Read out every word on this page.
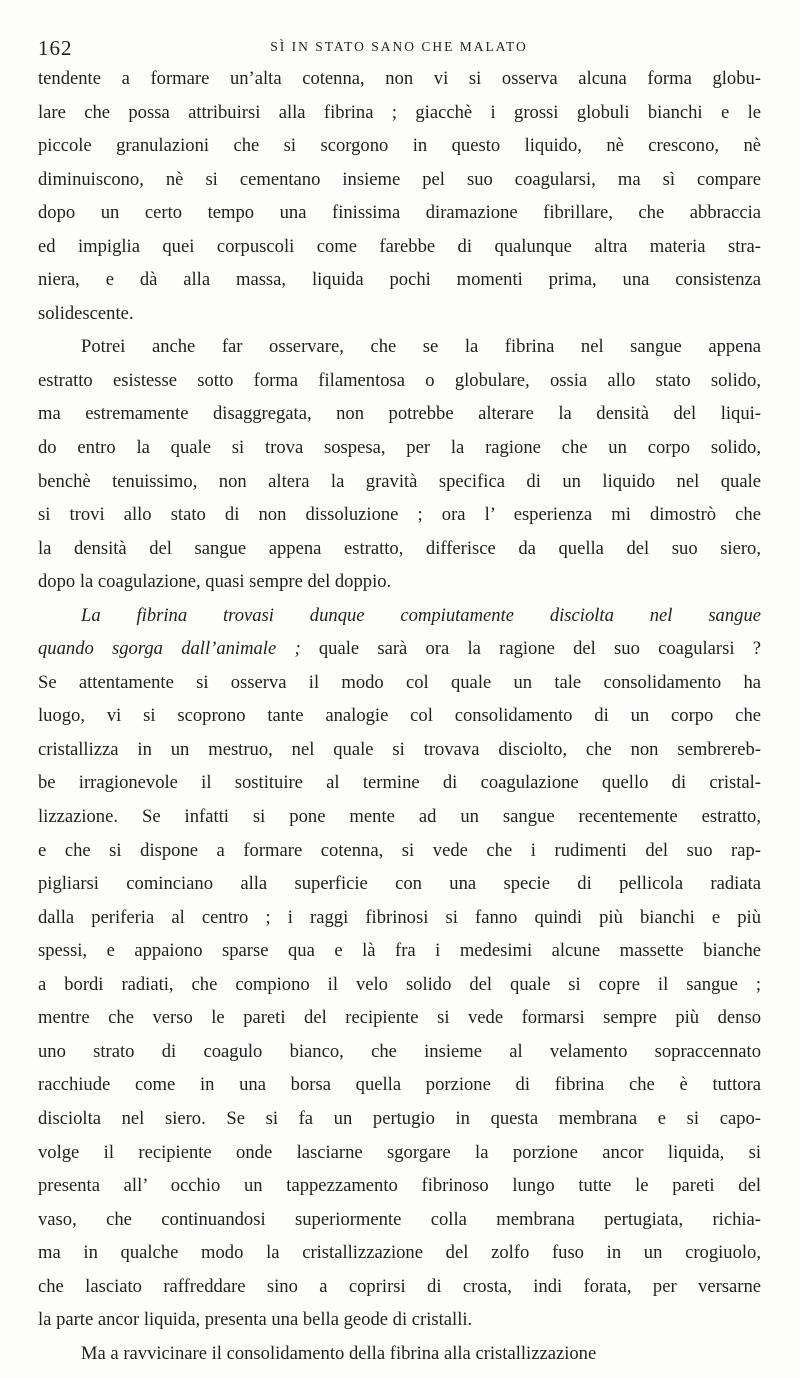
162	SÌ IN STATO SANO CHE MALATO
tendente a formare un’alta cotenna, non vi si osserva alcuna forma globu-
lare che possa attribuirsi alla fibrina ; giacchè i grossi globuli bianchi e le
piccole granulazioni che si scorgono in questo liquido, nè crescono, nè
diminuiscono, nè si cementano insieme pel suo coagularsi, ma sì compare
dopo un certo tempo una finissima diramazione fibrillare, che abbraccia
ed impiglia quei corpuscoli come farebbe di qualunque altra materia stra-
niera, e dà alla massa, liquida pochi momenti prima, una consistenza
solidescente.
Potrei anche far osservare, che se la fibrina nel sangue appena
estratto esistesse sotto forma filamentosa o globulare, ossia allo stato solido,
ma estremamente disaggregata, non potrebbe alterare la densità del liqui-
do entro la quale si trova sospesa, per la ragione che un corpo solido,
benchè tenuissimo, non altera la gravità specifica di un liquido nel quale
si trovi allo stato di non dissoluzione ; ora l’ esperienza mi dimostrò che
la densità del sangue appena estratto, differisce da quella del suo siero,
dopo la coagulazione, quasi sempre del doppio.
La fibrina trovasi dunque compiutamente disciolta nel sangue
quando sgorga dall’animale ; quale sarà ora la ragione del suo coagularsi ?
Se attentamente si osserva il modo col quale un tale consolidamento ha
luogo, vi si scoprono tante analogie col consolidamento di un corpo che
cristallizza in un mestruo, nel quale si trovava disciolto, che non sembrereb-
be irragionevole il sostituire al termine di coagulazione quello di cristal-
lizzazione. Se infatti si pone mente ad un sangue recentemente estratto,
e che si dispone a formare cotenna, si vede che i rudimenti del suo rap-
pigliarsi cominciano alla superficie con una specie di pellicola radiata
dalla periferia al centro ; i raggi fibrinosi si fanno quindi più bianchi e più
spessi, e appaiono sparse qua e là fra i medesimi alcune massette bianche
a bordi radiati, che compiono il velo solido del quale si copre il sangue ;
mentre che verso le pareti del recipiente si vede formarsi sempre più denso
uno strato di coagulo bianco, che insieme al velamento sopraccennato
racchiude come in una borsa quella porzione di fibrina che è tuttora
disciolta nel siero. Se si fa un pertugio in questa membrana e si capo-
volge il recipiente onde lasciarne sgorgare la porzione ancor liquida, si
presenta all’ occhio un tappezzamento fibrinoso lungo tutte le pareti del
vaso, che continuandosi superiormente colla membrana pertugiata, richia-
ma in qualche modo la cristallizzazione del zolfo fuso in un crogiuolo,
che lasciato raffreddare sino a coprirsi di crosta, indi forata, per versarne
la parte ancor liquida, presenta una bella geode di cristalli.
Ma a ravvicinare il consolidamento della fibrina alla cristallizzazione
